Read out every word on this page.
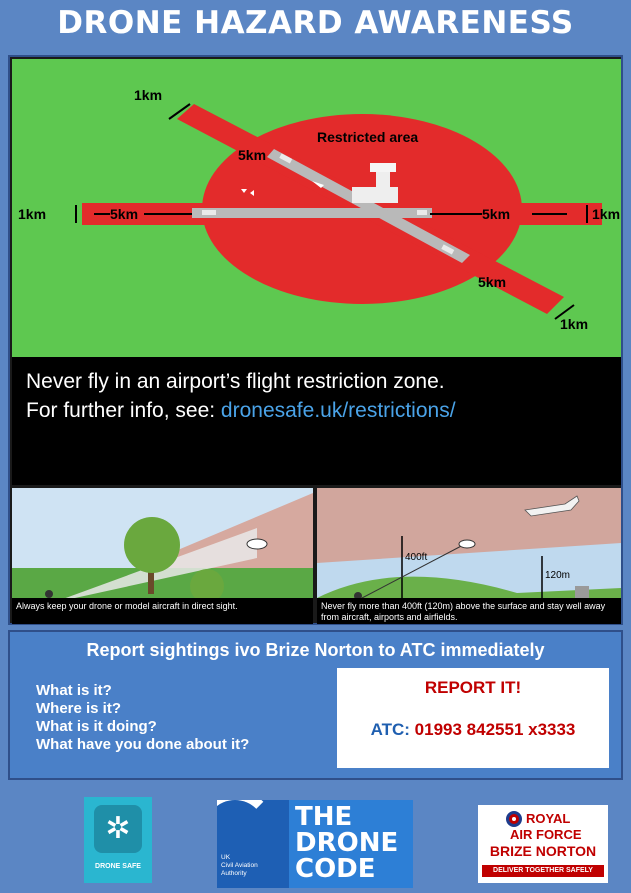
DRONE HAZARD AWARENESS
Restricted area
1km
1km	5km
5km
5km	1km
5km
1km
Never fly in an airport’s flight restriction zone.
For further info, see: dronesafe.uk/restrictions/
Always keep your drone or model aircraft in direct sight.
400ft
120m
Never fly more than 400ft (120m) above the surface and stay well away from aircraft, airports and airfields.
Report sightings ivo Brize Norton to ATC immediately
What is it?
Where is it?
What is it doing?
What have you done about it?
REPORT IT!
ATC: 01993 842551 x3333
✲
DRONE SAFE
UK
Civil Aviation
Authority
THE
DRONE
CODE
ROYAL
AIR FORCE
BRIZE NORTON
DELIVER TOGETHER SAFELY
